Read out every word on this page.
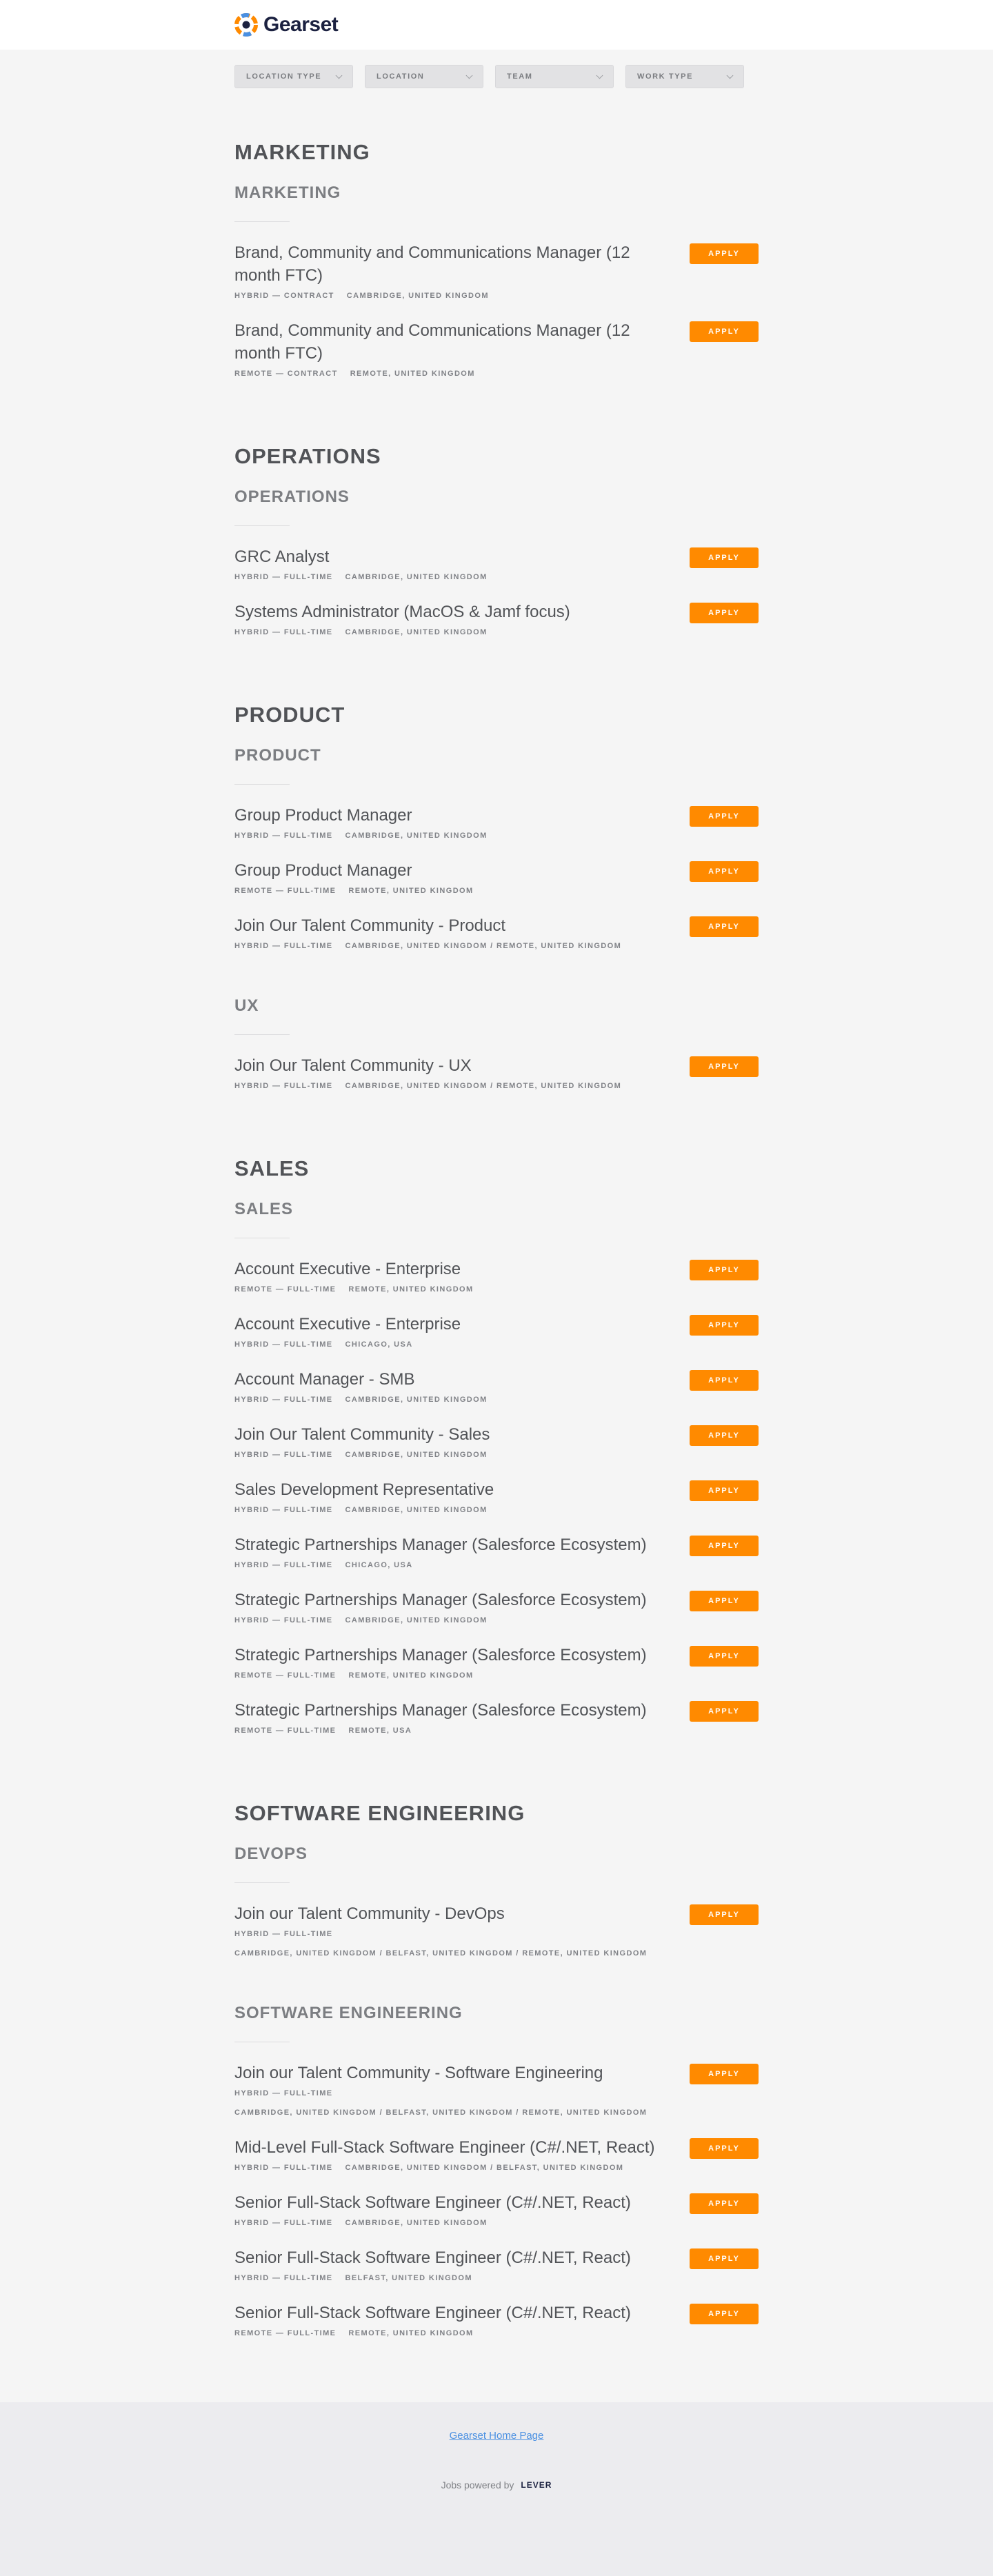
Gearset
LOCATION TYPE	LOCATION	TEAM	WORK TYPE
MARKETING
MARKETING
Brand, Community and Communications Manager (12 month FTC)
HYBRID — CONTRACT CAMBRIDGE, UNITED KINGDOM
APPLY
Brand, Community and Communications Manager (12 month FTC)
REMOTE — CONTRACT REMOTE, UNITED KINGDOM
APPLY
OPERATIONS
OPERATIONS
GRC Analyst
HYBRID — FULL-TIME CAMBRIDGE, UNITED KINGDOM
APPLY
Systems Administrator (MacOS & Jamf focus)
HYBRID — FULL-TIME CAMBRIDGE, UNITED KINGDOM
APPLY
PRODUCT
PRODUCT
Group Product Manager
HYBRID — FULL-TIME CAMBRIDGE, UNITED KINGDOM
APPLY
Group Product Manager
REMOTE — FULL-TIME REMOTE, UNITED KINGDOM
APPLY
Join Our Talent Community - Product
HYBRID — FULL-TIME CAMBRIDGE, UNITED KINGDOM / REMOTE, UNITED KINGDOM
APPLY
UX
Join Our Talent Community - UX
HYBRID — FULL-TIME CAMBRIDGE, UNITED KINGDOM / REMOTE, UNITED KINGDOM
APPLY
SALES
SALES
Account Executive - Enterprise
REMOTE — FULL-TIME REMOTE, UNITED KINGDOM
APPLY
Account Executive - Enterprise
HYBRID — FULL-TIME CHICAGO, USA
APPLY
Account Manager - SMB
HYBRID — FULL-TIME CAMBRIDGE, UNITED KINGDOM
APPLY
Join Our Talent Community - Sales
HYBRID — FULL-TIME CAMBRIDGE, UNITED KINGDOM
APPLY
Sales Development Representative
HYBRID — FULL-TIME CAMBRIDGE, UNITED KINGDOM
APPLY
Strategic Partnerships Manager (Salesforce Ecosystem)
HYBRID — FULL-TIME CHICAGO, USA
APPLY
Strategic Partnerships Manager (Salesforce Ecosystem)
HYBRID — FULL-TIME CAMBRIDGE, UNITED KINGDOM
APPLY
Strategic Partnerships Manager (Salesforce Ecosystem)
REMOTE — FULL-TIME REMOTE, UNITED KINGDOM
APPLY
Strategic Partnerships Manager (Salesforce Ecosystem)
REMOTE — FULL-TIME REMOTE, USA
APPLY
SOFTWARE ENGINEERING
DEVOPS
Join our Talent Community - DevOps
HYBRID — FULL-TIME
CAMBRIDGE, UNITED KINGDOM / BELFAST, UNITED KINGDOM / REMOTE, UNITED KINGDOM
APPLY
SOFTWARE ENGINEERING
Join our Talent Community - Software Engineering
HYBRID — FULL-TIME
CAMBRIDGE, UNITED KINGDOM / BELFAST, UNITED KINGDOM / REMOTE, UNITED KINGDOM
APPLY
Mid-Level Full-Stack Software Engineer (C#/.NET, React)
HYBRID — FULL-TIME CAMBRIDGE, UNITED KINGDOM / BELFAST, UNITED KINGDOM
APPLY
Senior Full-Stack Software Engineer (C#/.NET, React)
HYBRID — FULL-TIME CAMBRIDGE, UNITED KINGDOM
APPLY
Senior Full-Stack Software Engineer (C#/.NET, React)
HYBRID — FULL-TIME BELFAST, UNITED KINGDOM
APPLY
Senior Full-Stack Software Engineer (C#/.NET, React)
REMOTE — FULL-TIME REMOTE, UNITED KINGDOM
APPLY
Gearset Home Page
Jobs powered by LEVER
